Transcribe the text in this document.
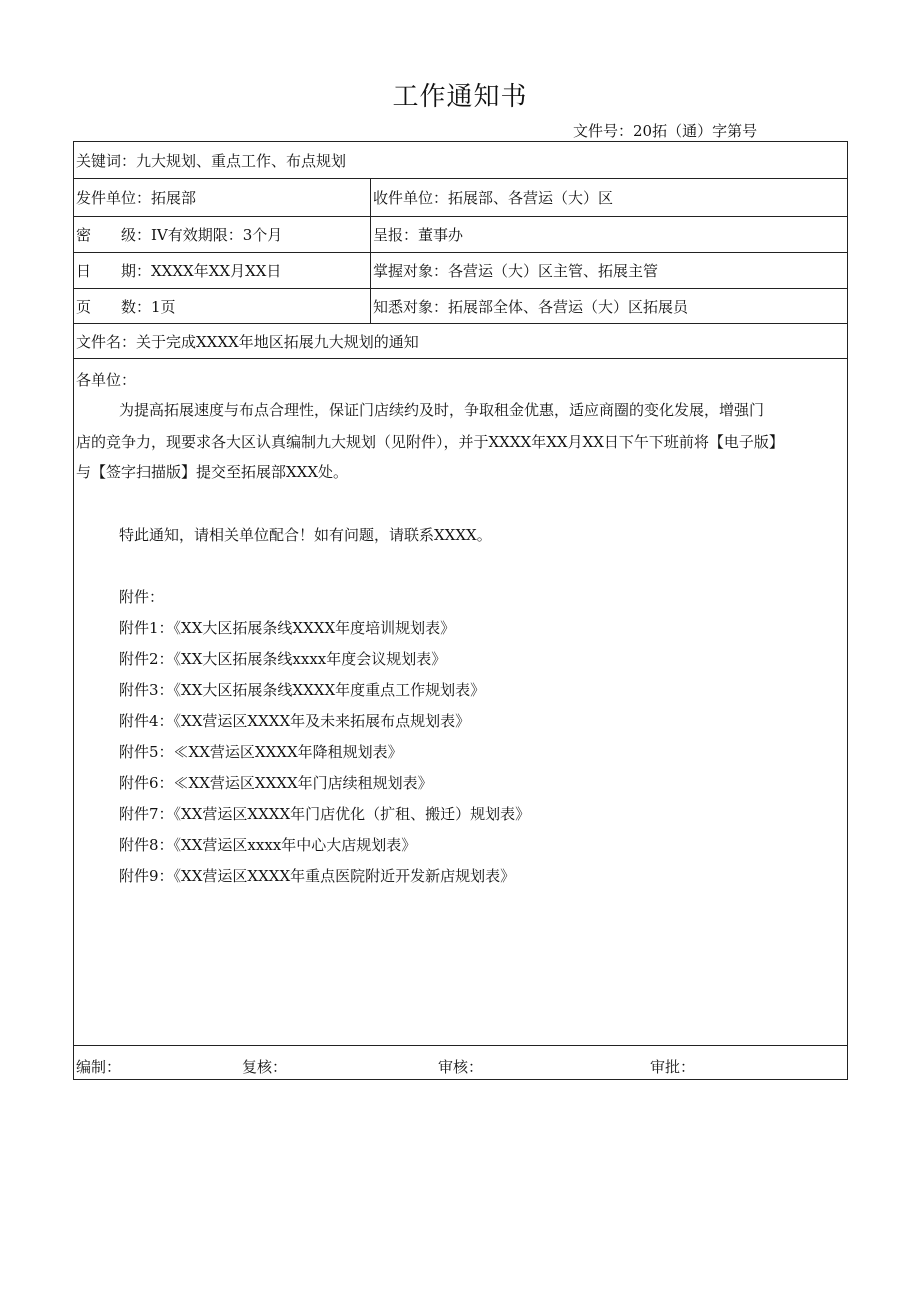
工作通知书
文件号：20拓（通）字第号
关键词：九大规划、重点工作、布点规划
发件单位：拓展部	收件单位：拓展部、各营运（大）区
密　　级：IV有效期限：3个月	呈报：董事办
日　　期：XXXX年XX月XX日	掌握对象：各营运（大）区主管、拓展主管
页　　数：1页	知悉对象：拓展部全体、各营运（大）区拓展员
文件名：关于完成XXXX年地区拓展九大规划的通知
各单位：
为提高拓展速度与布点合理性，保证门店续约及时，争取租金优惠，适应商圈的变化发展，增强门
店的竞争力，现要求各大区认真编制九大规划（见附件），并于XXXX年XX月XX日下午下班前将【电子版】
与【签字扫描版】提交至拓展部XXX处。
特此通知，请相关单位配合！如有问题，请联系XXXX。
附件：
附件1：《XX大区拓展条线XXXX年度培训规划表》
附件2：《XX大区拓展条线xxxx年度会议规划表》
附件3：《XX大区拓展条线XXXX年度重点工作规划表》
附件4：《XX营运区XXXX年及未来拓展布点规划表》
附件5：≪XX营运区XXXX年降租规划表》
附件6：≪XX营运区XXXX年门店续租规划表》
附件7：《XX营运区XXXX年门店优化（扩租、搬迁）规划表》
附件8：《XX营运区xxxx年中心大店规划表》
附件9：《XX营运区XXXX年重点医院附近开发新店规划表》
编制：	复核：	审核：	审批：
